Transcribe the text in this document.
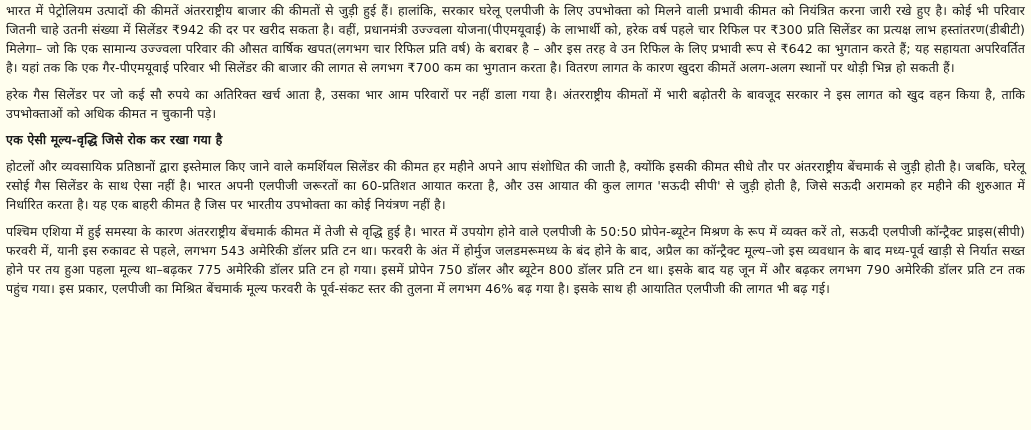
भारत में पेट्रोलियम उत्पादों की कीमतें अंतरराष्ट्रीय बाजार की कीमतों से जुड़ी हुई हैं। हालांकि, सरकार घरेलू एलपीजी के लिए उपभोक्ता को मिलने वाली प्रभावी कीमत को नियंत्रित करना जारी रखे हुए है। कोई भी परिवार जितनी चाहे उतनी संख्या में सिलेंडर ₹942 की दर पर खरीद सकता है। वहीं, प्रधानमंत्री उज्ज्वला योजना(पीएमयूवाई) के लाभार्थी को, हरेक वर्ष पहले चार रिफिल पर ₹300 प्रति सिलेंडर का प्रत्यक्ष लाभ हस्तांतरण(डीबीटी) मिलेगा– जो कि एक सामान्य उज्ज्वला परिवार की औसत वार्षिक खपत(लगभग चार रिफिल प्रति वर्ष) के बराबर है – और इस तरह वे उन रिफिल के लिए प्रभावी रूप से ₹642 का भुगतान करते हैं; यह सहायता अपरिवर्तित है। यहां तक कि एक गैर-पीएमयूवाई परिवार भी सिलेंडर की बाजार की लागत से लगभग ₹700 कम का भुगतान करता है। वितरण लागत के कारण खुदरा कीमतें अलग-अलग स्थानों पर थोड़ी भिन्न हो सकती हैं।

हरेक गैस सिलेंडर पर जो कई सौ रुपये का अतिरिक्त खर्च आता है, उसका भार आम परिवारों पर नहीं डाला गया है। अंतरराष्ट्रीय कीमतों में भारी बढ़ोतरी के बावजूद सरकार ने इस लागत को खुद वहन किया है, ताकि उपभोक्ताओं को अधिक कीमत न चुकानी पड़े।

एक ऐसी मूल्य-वृद्धि जिसे रोक कर रखा गया है

होटलों और व्यवसायिक प्रतिष्ठानों द्वारा इस्तेमाल किए जाने वाले कमर्शियल सिलेंडर की कीमत हर महीने अपने आप संशोधित की जाती है, क्योंकि इसकी कीमत सीधे तौर पर अंतरराष्ट्रीय बेंचमार्क से जुड़ी होती है। जबकि, घरेलू रसोई गैस सिलेंडर के साथ ऐसा नहीं है। भारत अपनी एलपीजी जरूरतों का 60-प्रतिशत आयात करता है, और उस आयात की कुल लागत 'सऊदी सीपी' से जुड़ी होती है, जिसे सऊदी अरामको हर महीने की शुरुआत में निर्धारित करता है। यह एक बाहरी कीमत है जिस पर भारतीय उपभोक्ता का कोई नियंत्रण नहीं है।

पश्चिम एशिया में हुई समस्या के कारण अंतरराष्ट्रीय बेंचमार्क कीमत में तेजी से वृद्धि हुई है। भारत में उपयोग होने वाले एलपीजी के 50:50 प्रोपेन-ब्यूटेन मिश्रण के रूप में व्यक्त करें तो, सऊदी एलपीजी कॉन्ट्रैक्ट प्राइस(सीपी) फरवरी में, यानी इस रुकावट से पहले, लगभग 543 अमेरिकी डॉलर प्रति टन था। फरवरी के अंत में होर्मुज जलडमरूमध्य के बंद होने के बाद, अप्रैल का कॉन्ट्रैक्ट मूल्य–जो इस व्यवधान के बाद मध्य-पूर्व खाड़ी से निर्यात सख्त होने पर तय हुआ पहला मूल्य था–बढ़कर 775 अमेरिकी डॉलर प्रति टन हो गया। इसमें प्रोपेन 750 डॉलर और ब्यूटेन 800 डॉलर प्रति टन था। इसके बाद यह जून में और बढ़कर लगभग 790 अमेरिकी डॉलर प्रति टन तक पहुंच गया। इस प्रकार, एलपीजी का मिश्रित बेंचमार्क मूल्य फरवरी के पूर्व-संकट स्तर की तुलना में लगभग 46% बढ़ गया है। इसके साथ ही आयातित एलपीजी की लागत भी बढ़ गई।
